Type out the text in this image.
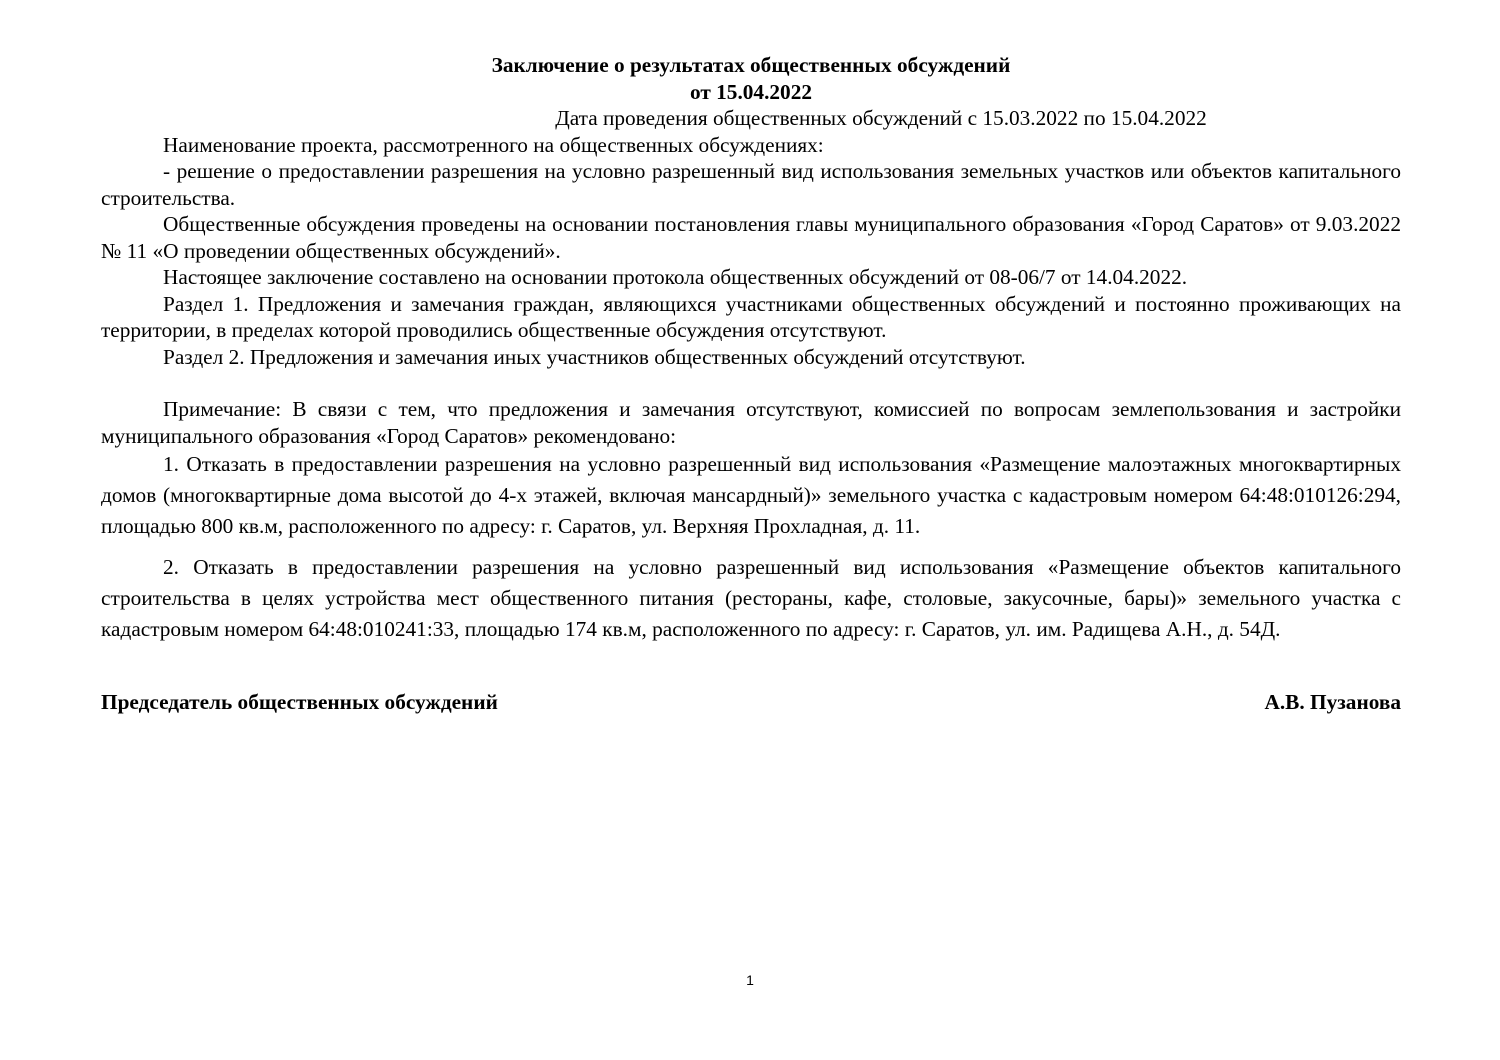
Заключение о результатах общественных обсуждений
от 15.04.2022
Дата проведения общественных обсуждений с 15.03.2022 по 15.04.2022

Наименование проекта, рассмотренного на общественных обсуждениях:

- решение о предоставлении разрешения на условно разрешенный вид использования земельных участков или объектов капитального строительства.

Общественные обсуждения проведены на основании постановления главы муниципального образования «Город Саратов» от 9.03.2022 № 11 «О проведении общественных обсуждений».

Настоящее заключение составлено на основании протокола общественных обсуждений от 08-06/7 от 14.04.2022.

Раздел 1. Предложения и замечания граждан, являющихся участниками общественных обсуждений и постоянно проживающих на территории, в пределах которой проводились общественные обсуждения отсутствуют.

Раздел 2. Предложения и замечания иных участников общественных обсуждений отсутствуют.

Примечание: В связи с тем, что предложения и замечания отсутствуют, комиссией по вопросам землепользования и застройки муниципального образования «Город Саратов» рекомендовано:

1. Отказать в предоставлении разрешения на условно разрешенный вид использования «Размещение малоэтажных многоквартирных домов (многоквартирные дома высотой до 4-х этажей, включая мансардный)» земельного участка с кадастровым номером 64:48:010126:294, площадью 800 кв.м, расположенного по адресу: г. Саратов, ул. Верхняя Прохладная, д. 11.

2. Отказать в предоставлении разрешения на условно разрешенный вид использования «Размещение объектов капитального строительства в целях устройства мест общественного питания (рестораны, кафе, столовые, закусочные, бары)» земельного участка с кадастровым номером 64:48:010241:33, площадью 174 кв.м, расположенного по адресу: г. Саратов, ул. им. Радищева А.Н., д. 54Д.

Председатель общественных обсуждений	А.В. Пузанова
1
